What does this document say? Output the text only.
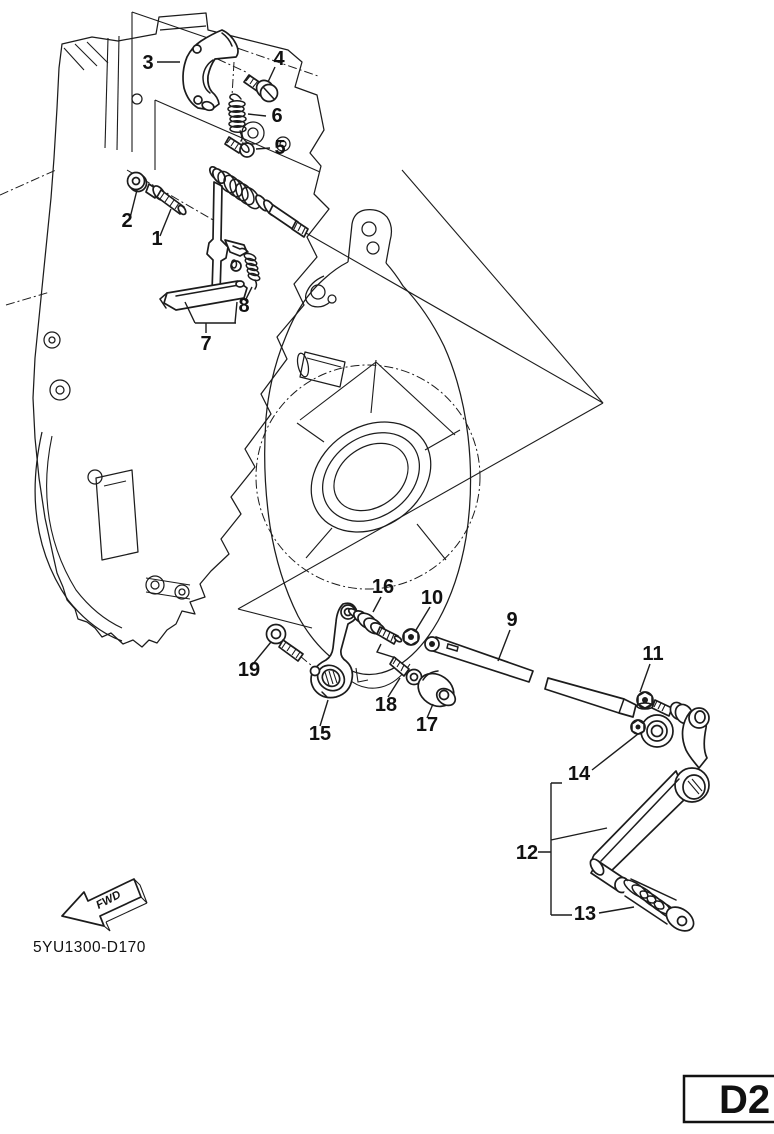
1
2
3	4
5
6
7
8
9
10
11
12
13
14
15
16
17
18
19
FWD
5YU1300-D170
D2
